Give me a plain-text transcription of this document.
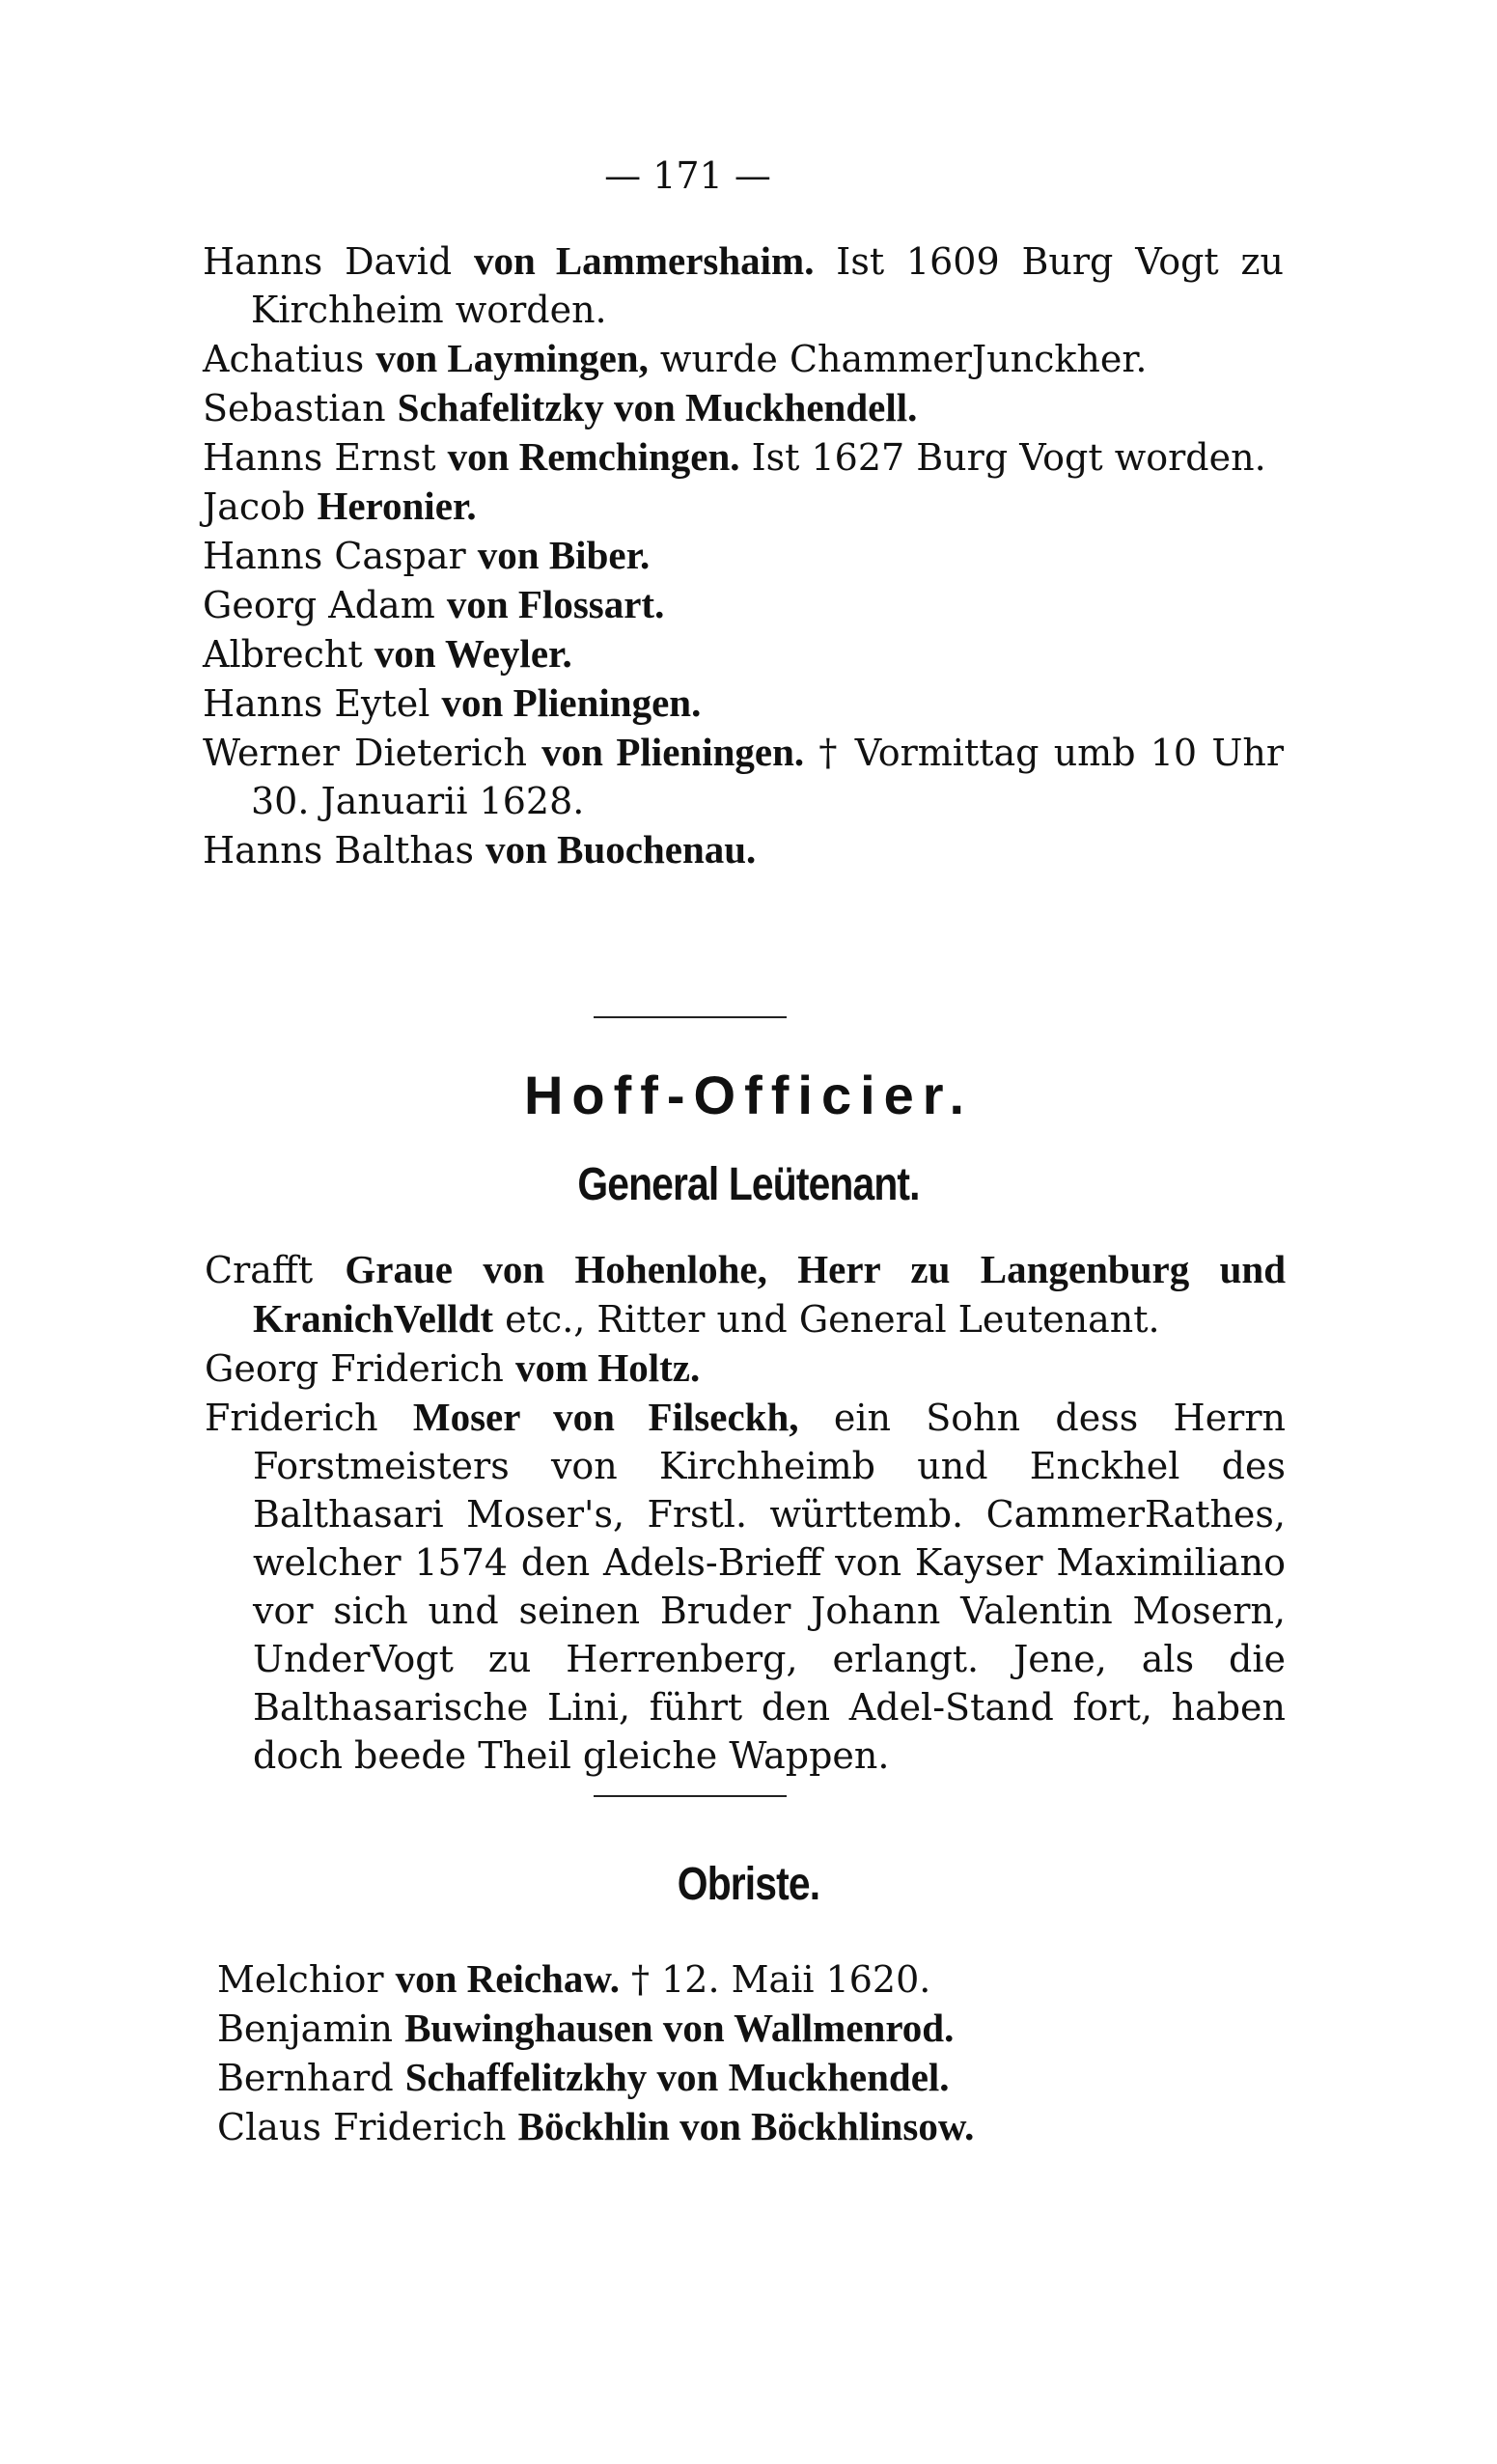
— 171 —
Hanns David von Lammershaim. Ist 1609 Burg Vogt zu Kirchheim worden.
Achatius von Laymingen, wurde ChammerJunckher.
Sebastian Schafelitzky von Muckhendell.
Hanns Ernst von Remchingen. Ist 1627 Burg Vogt worden.
Jacob Heronier.
Hanns Caspar von Biber.
Georg Adam von Flossart.
Albrecht von Weyler.
Hanns Eytel von Plieningen.
Werner Dieterich von Plieningen. † Vormittag umb 10 Uhr 30. Januarii 1628.
Hanns Balthas von Buochenau.
Hoff-Officier.
General Leütenant.
Crafft Graue von Hohenlohe, Herr zu Langenburg und KranichVelldt etc., Ritter und General Leutenant.
Georg Friderich vom Holtz.
Friderich Moser von Filseckh, ein Sohn dess Herrn Forstmeisters von Kirchheimb und Enckhel des Balthasari Moser's, Frstl. württemb. CammerRathes, welcher 1574 den Adels-Brieff von Kayser Maximiliano vor sich und seinen Bruder Johann Valentin Mosern, UnderVogt zu Herrenberg, erlangt. Jene, als die Balthasarische Lini, führt den Adel-Stand fort, haben doch beede Theil gleiche Wappen.
Obriste.
Melchior von Reichaw. † 12. Maii 1620.
Benjamin Buwinghausen von Wallmenrod.
Bernhard Schaffelitzkhy von Muckhendel.
Claus Friderich Böckhlin von Böckhlinsow.
